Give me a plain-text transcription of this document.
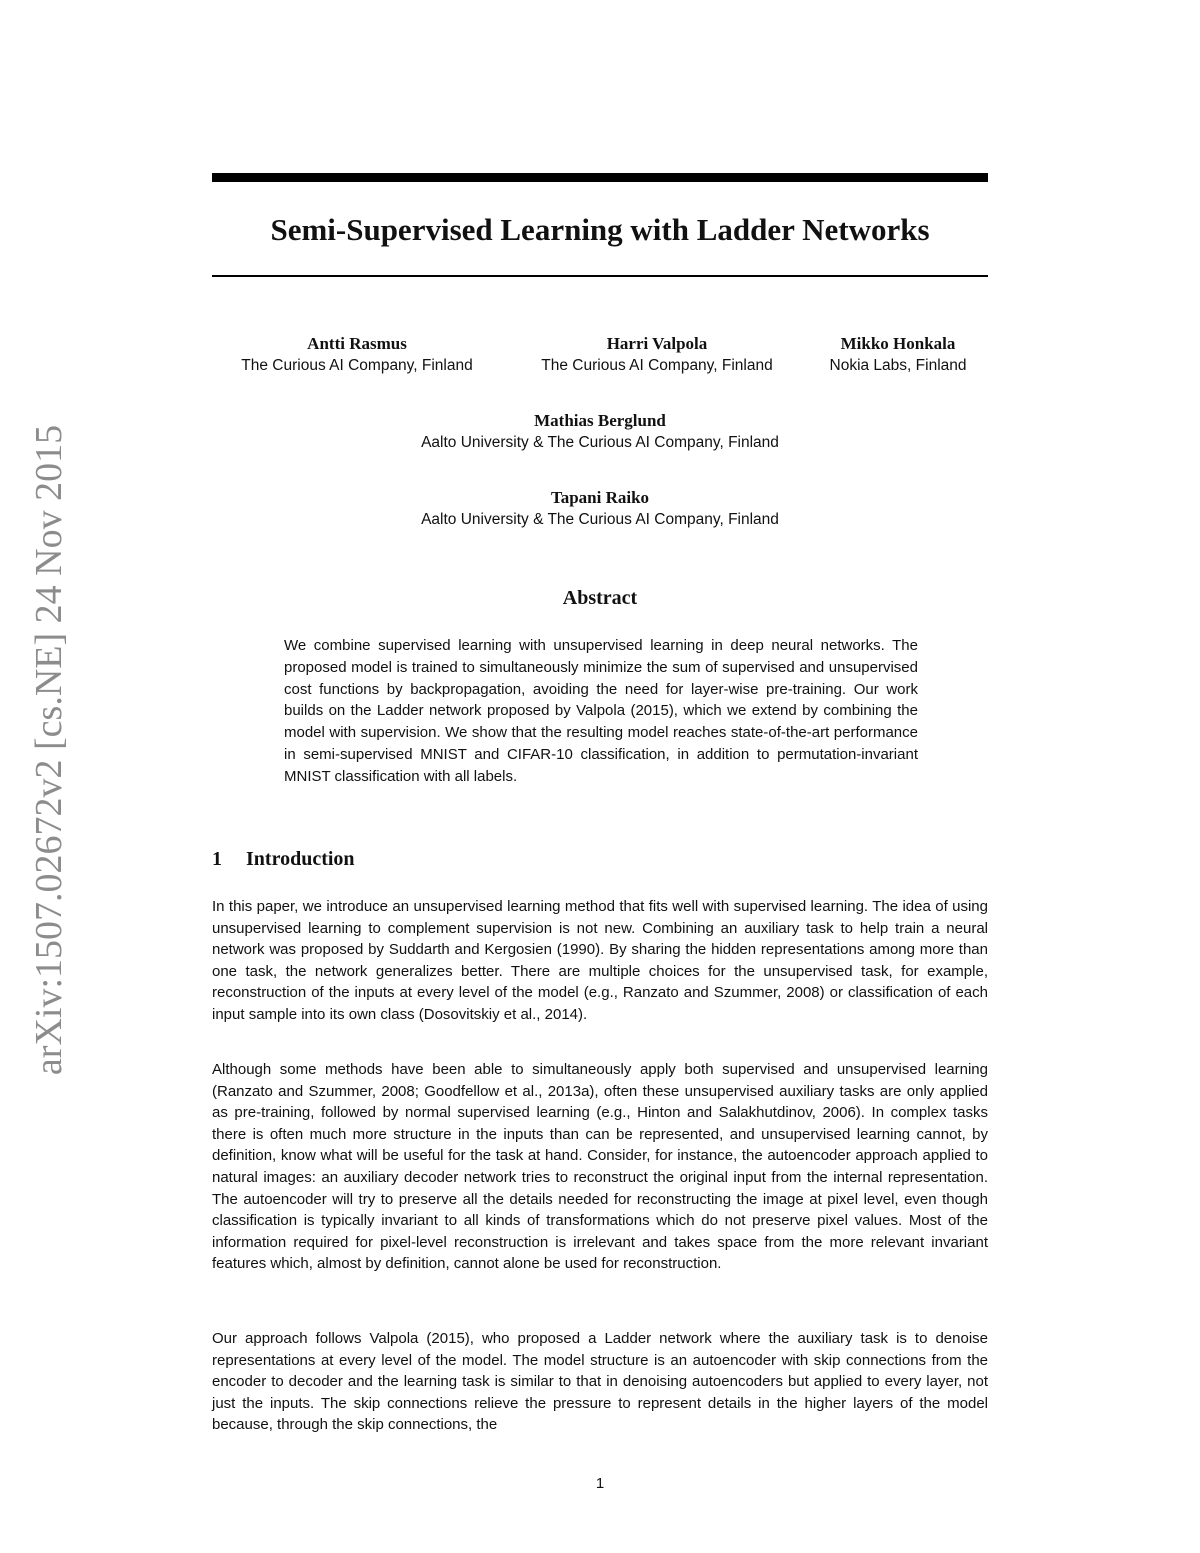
arXiv:1507.02672v2 [cs.NE] 24 Nov 2015
Semi-Supervised Learning with Ladder Networks
Antti Rasmus
The Curious AI Company, Finland
Harri Valpola
The Curious AI Company, Finland
Mikko Honkala
Nokia Labs, Finland
Mathias Berglund
Aalto University & The Curious AI Company, Finland
Tapani Raiko
Aalto University & The Curious AI Company, Finland
Abstract
We combine supervised learning with unsupervised learning in deep neural networks. The proposed model is trained to simultaneously minimize the sum of supervised and unsupervised cost functions by backpropagation, avoiding the need for layer-wise pre-training. Our work builds on the Ladder network proposed by Valpola (2015), which we extend by combining the model with supervision. We show that the resulting model reaches state-of-the-art performance in semi-supervised MNIST and CIFAR-10 classification, in addition to permutation-invariant MNIST classification with all labels.
1 Introduction

In this paper, we introduce an unsupervised learning method that fits well with supervised learning. The idea of using unsupervised learning to complement supervision is not new. Combining an auxiliary task to help train a neural network was proposed by Suddarth and Kergosien (1990). By sharing the hidden representations among more than one task, the network generalizes better. There are multiple choices for the unsupervised task, for example, reconstruction of the inputs at every level of the model (e.g., Ranzato and Szummer, 2008) or classification of each input sample into its own class (Dosovitskiy et al., 2014).

Although some methods have been able to simultaneously apply both supervised and unsupervised learning (Ranzato and Szummer, 2008; Goodfellow et al., 2013a), often these unsupervised auxiliary tasks are only applied as pre-training, followed by normal supervised learning (e.g., Hinton and Salakhutdinov, 2006). In complex tasks there is often much more structure in the inputs than can be represented, and unsupervised learning cannot, by definition, know what will be useful for the task at hand. Consider, for instance, the autoencoder approach applied to natural images: an auxiliary decoder network tries to reconstruct the original input from the internal representation. The autoencoder will try to preserve all the details needed for reconstructing the image at pixel level, even though classification is typically invariant to all kinds of transformations which do not preserve pixel values. Most of the information required for pixel-level reconstruction is irrelevant and takes space from the more relevant invariant features which, almost by definition, cannot alone be used for reconstruction.

Our approach follows Valpola (2015), who proposed a Ladder network where the auxiliary task is to denoise representations at every level of the model. The model structure is an autoencoder with skip connections from the encoder to decoder and the learning task is similar to that in denoising autoencoders but applied to every layer, not just the inputs. The skip connections relieve the pressure to represent details in the higher layers of the model because, through the skip connections, the

1
